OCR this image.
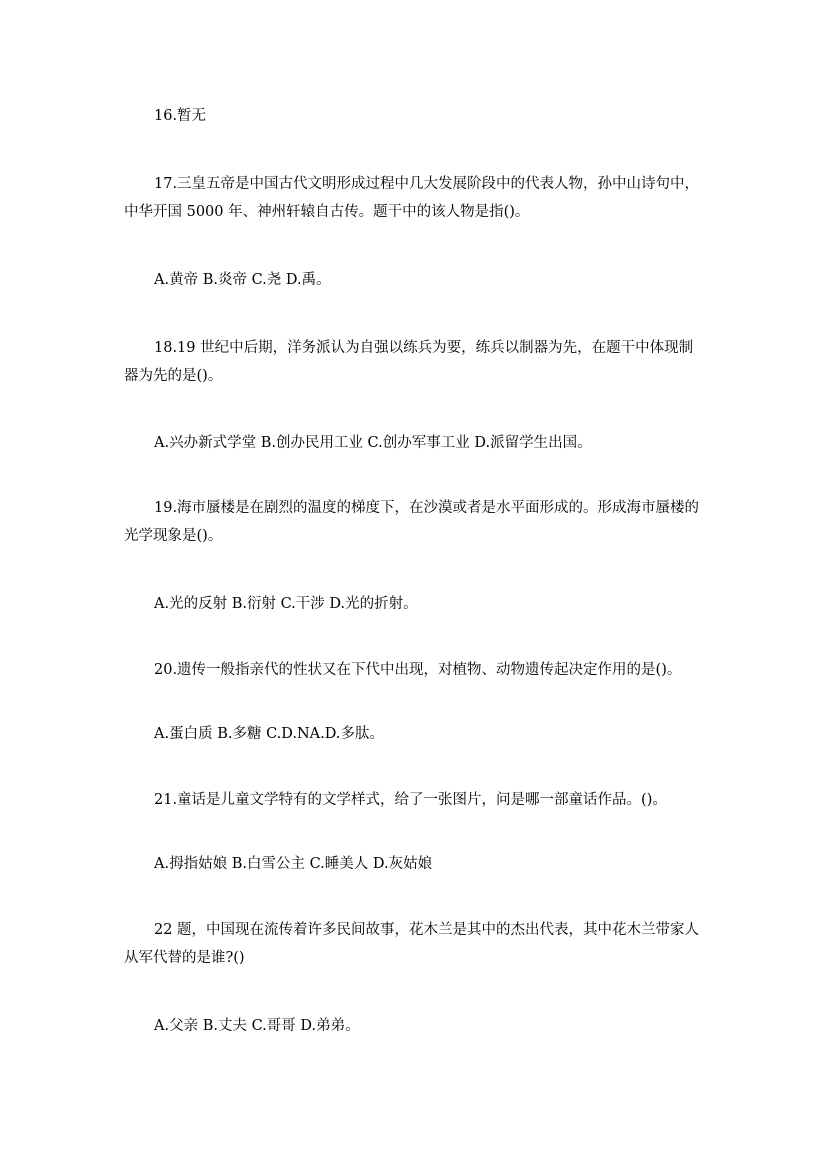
16.暂无

17.三皇五帝是中国古代文明形成过程中几大发展阶段中的代表人物，孙中山诗句中，
中华开国 5000 年、神州轩辕自古传。题干中的该人物是指()。

A.黄帝 B.炎帝 C.尧 D.禹。

18.19 世纪中后期，洋务派认为自强以练兵为要，练兵以制器为先，在题干中体现制
器为先的是()。

A.兴办新式学堂 B.创办民用工业 C.创办军事工业 D.派留学生出国。

19.海市蜃楼是在剧烈的温度的梯度下，在沙漠或者是水平面形成的。形成海市蜃楼的
光学现象是()。

A.光的反射 B.衍射 C.干涉 D.光的折射。

20.遗传一般指亲代的性状又在下代中出现，对植物、动物遗传起决定作用的是()。

A.蛋白质 B.多糖 C.D.NA.D.多肽。

21.童话是儿童文学特有的文学样式，给了一张图片，问是哪一部童话作品。()。

A.拇指姑娘 B.白雪公主 C.睡美人 D.灰姑娘

22 题，中国现在流传着许多民间故事，花木兰是其中的杰出代表，其中花木兰带家人
从军代替的是谁?()

A.父亲 B.丈夫 C.哥哥 D.弟弟。
